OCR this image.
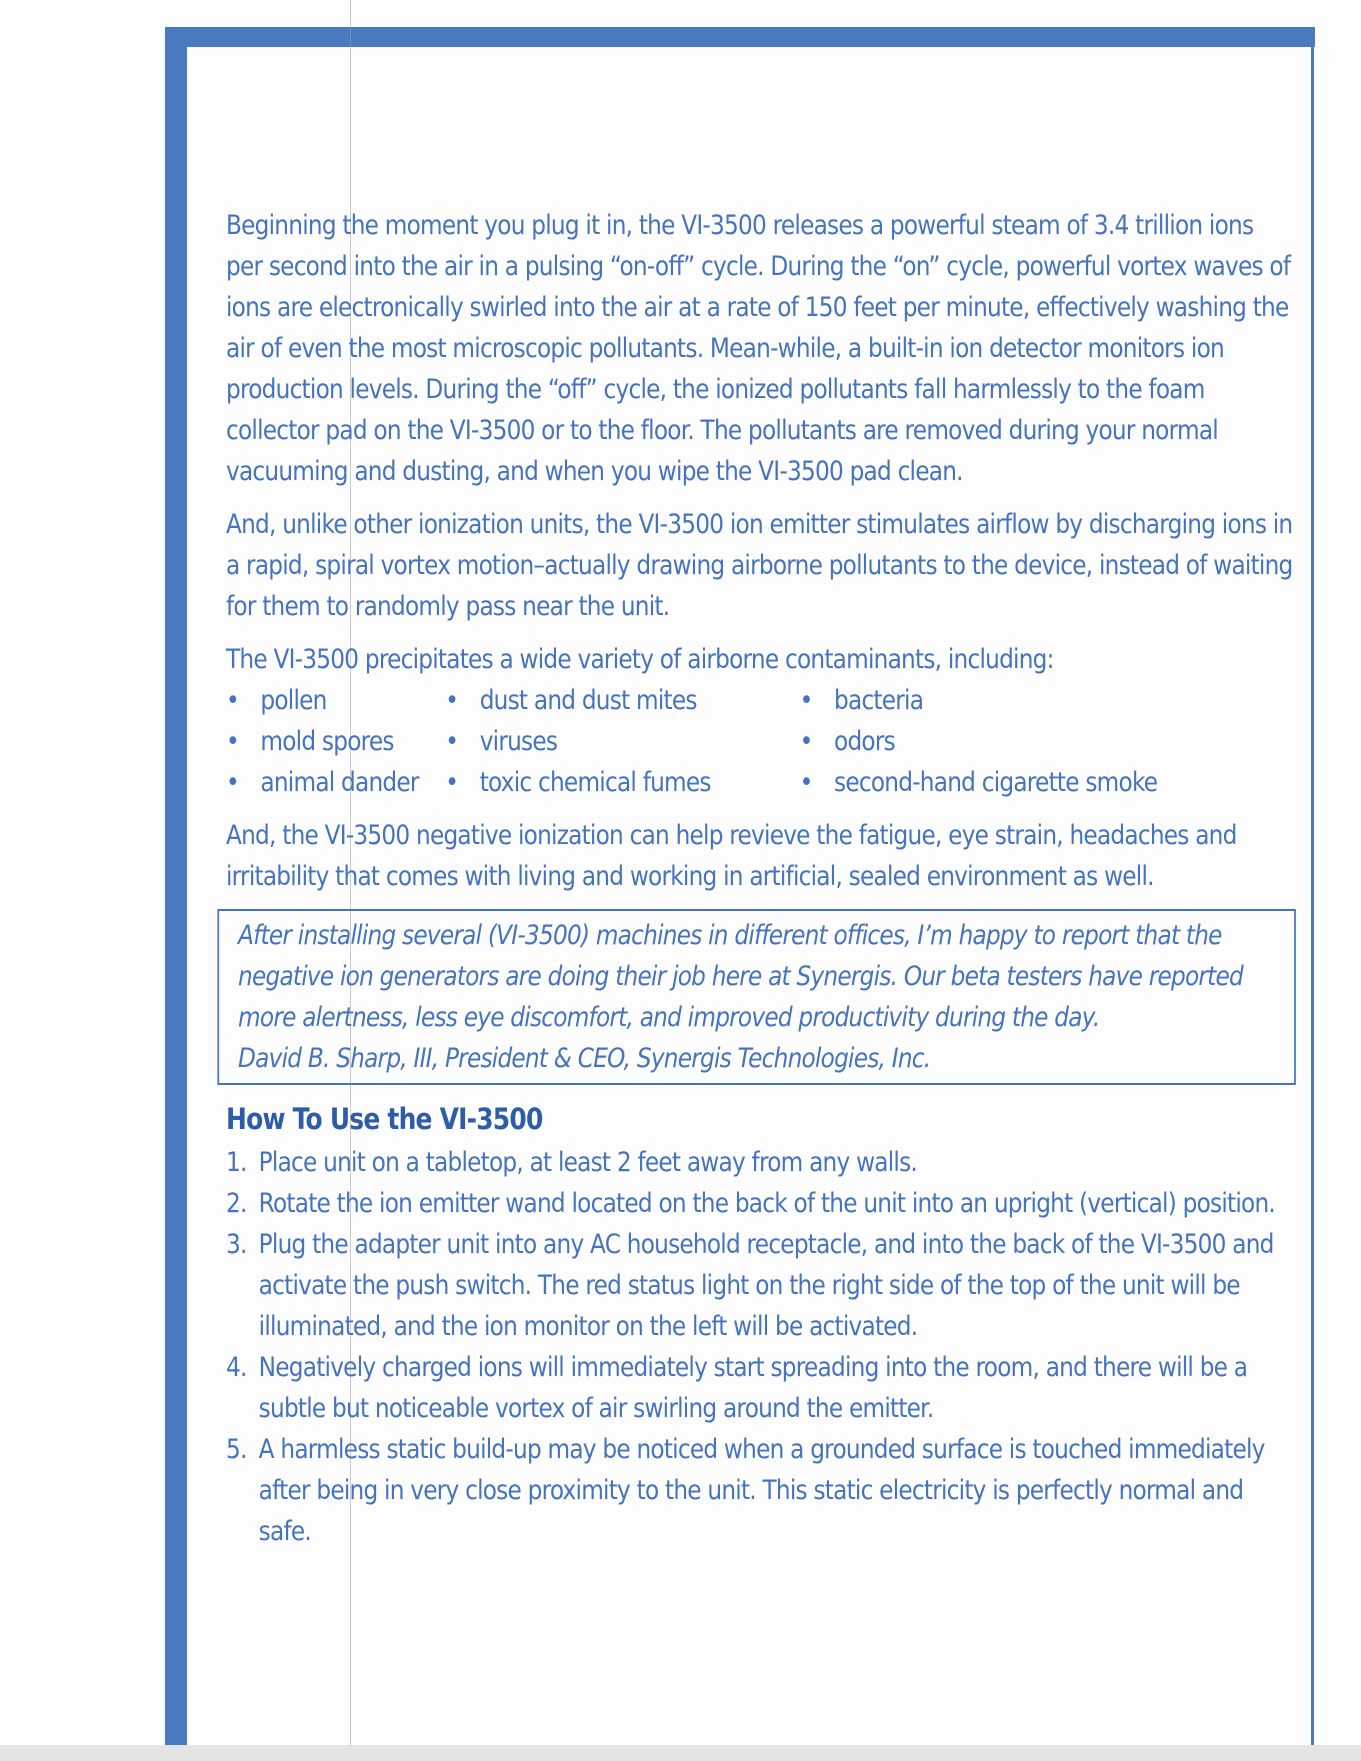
Beginning the moment you plug it in, the VI-3500 releases a powerful steam of 3.4 trillion ions per second into the air in a pulsing “on-off” cycle. During the “on” cycle, powerful vortex waves of ions are electronically swirled into the air at a rate of 150 feet per minute, effectively washing the air of even the most microscopic pollutants. Mean-while, a built-in ion detector monitors ion production levels. During the “off” cycle, the ionized pollutants fall harmlessly to the foam collector pad on the VI-3500 or to the floor. The pollutants are removed during your normal vacuuming and dusting, and when you wipe the VI-3500 pad clean.

And, unlike other ionization units, the VI-3500 ion emitter stimulates airflow by discharging ions in a rapid, spiral vortex motion–actually drawing airborne pollutants to the device, instead of waiting for them to randomly pass near the unit.

The VI-3500 precipitates a wide variety of airborne contaminants, including:

• pollen	• dust and dust mites	• bacteria
• mold spores • viruses	• odors
• animal dander • toxic chemical fumes	• second-hand cigarette smoke

And, the VI-3500 negative ionization can help revieve the fatigue, eye strain, headaches and irritability that comes with living and working in artificial, sealed environment as well.

After installing several (VI-3500) machines in different offices, I’m happy to report that the negative ion generators are doing their job here at Synergis. Our beta testers have reported more alertness, less eye discomfort, and improved productivity during the day.

David B. Sharp, III, President & CEO, Synergis Technologies, Inc.

How To Use the VI-3500
1. Place unit on a tabletop, at least 2 feet away from any walls.
2. Rotate the ion emitter wand located on the back of the unit into an upright (vertical) position.
3. Plug the adapter unit into any AC household receptacle, and into the back of the VI-3500 and activate the push switch. The red status light on the right side of the top of the unit will be illuminated, and the ion monitor on the left will be activated.
4. Negatively charged ions will immediately start spreading into the room, and there will be a subtle but noticeable vortex of air swirling around the emitter.
5. A harmless static build-up may be noticed when a grounded surface is touched immediately after being in very close proximity to the unit. This static electricity is perfectly normal and safe.
